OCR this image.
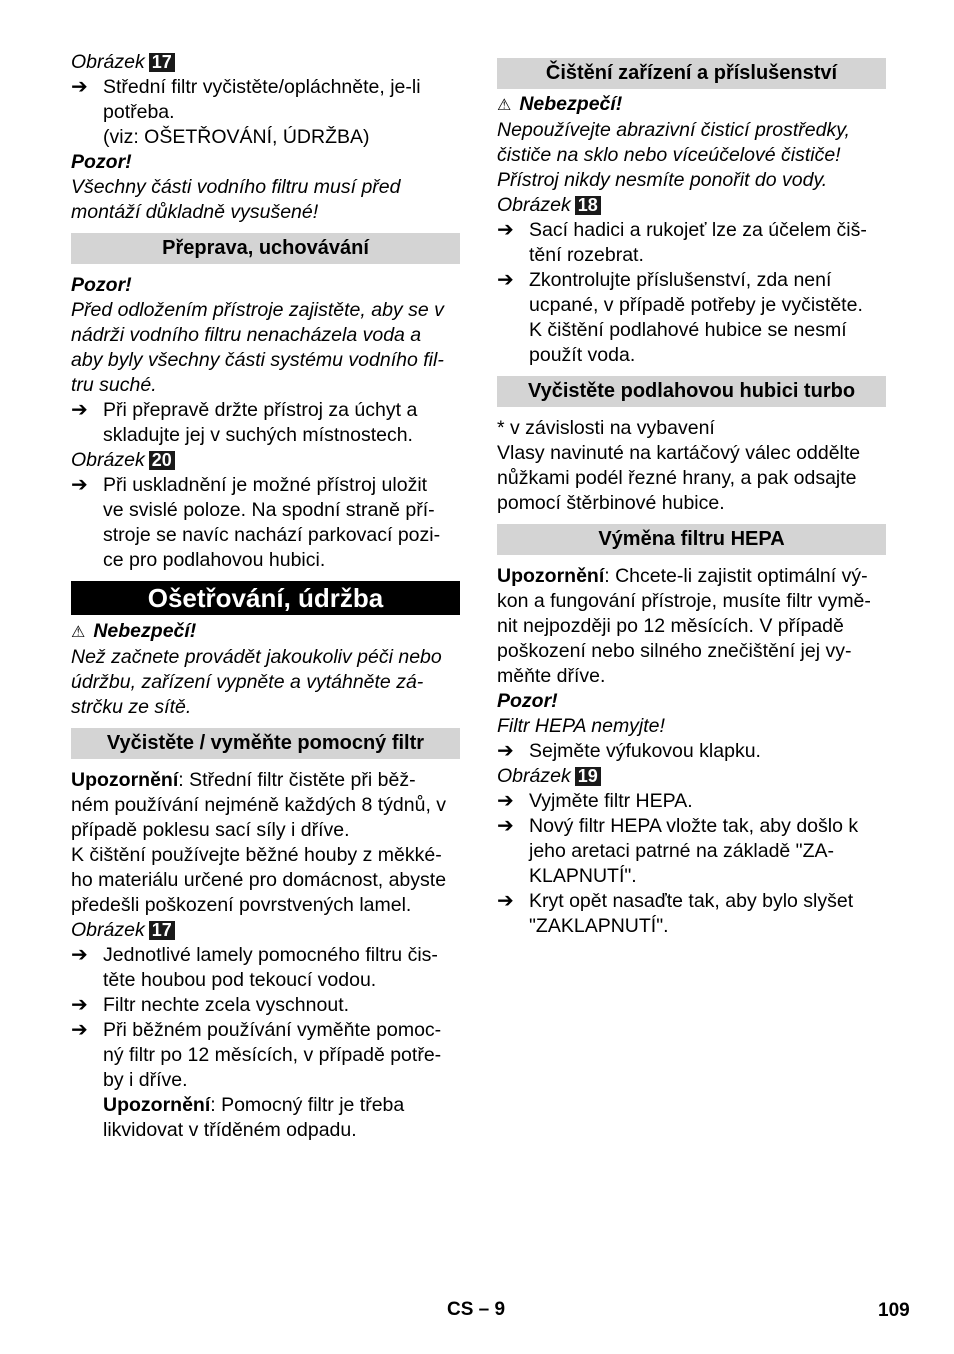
Obrázek 17

➔ Střední filtr vyčistěte/opláchněte, je-li

potřeba.

(viz: OŠETŘOVÁNÍ, ÚDRŽBA)

Pozor!

Všechny části vodního filtru musí před

montáží důkladně vysušené!

Přeprava, uchovávání

Pozor!

Před odložením přístroje zajistěte, aby se v

nádrži vodního filtru nenacházela voda a

aby byly všechny části systému vodního fil-

tru suché.

➔ Při přepravě držte přístroj za úchyt a

skladujte jej v suchých místnostech.

Obrázek 20

➔ Při uskladnění je možné přístroj uložit

ve svislé poloze. Na spodní straně pří-

stroje se navíc nachází parkovací pozi-

ce pro podlahovou hubici.

Ošetřování, údržba

⚠ Nebezpečí!

Než začnete provádět jakoukoliv péči nebo

údržbu, zařízení vypněte a vytáhněte zá-

strčku ze sítě.

Vyčistěte / vyměňte pomocný filtr

Upozornění: Střední filtr čistěte při běž-

ném používání nejméně každých 8 týdnů, v

případě poklesu sací síly i dříve.

K čištění používejte běžné houby z měkké-

ho materiálu určené pro domácnost, abyste

předešli poškození povrstvených lamel.

Obrázek 17

➔ Jednotlivé lamely pomocného filtru čis-

těte houbou pod tekoucí vodou.

➔ Filtr nechte zcela vyschnout.

➔ Při běžném používání vyměňte pomoc-

ný filtr po 12 měsících, v případě potře-

by i dříve.

Upozornění: Pomocný filtr je třeba

likvidovat v tříděném odpadu.

Čištění zařízení a příslušenství

⚠ Nebezpečí!

Nepoužívejte abrazivní čisticí prostředky,

čističe na sklo nebo víceúčelové čističe!

Přístroj nikdy nesmíte ponořit do vody.

Obrázek 18

➔ Sací hadici a rukojeť lze za účelem čiš-

tění rozebrat.

➔ Zkontrolujte příslušenství, zda není

ucpané, v případě potřeby je vyčistěte.

K čištění podlahové hubice se nesmí

použít voda.

Vyčistěte podlahovou hubici turbo

* v závislosti na vybavení

Vlasy navinuté na kartáčový válec oddělte

nůžkami podél řezné hrany, a pak odsajte

pomocí štěrbinové hubice.

Výměna filtru HEPA

Upozornění: Chcete-li zajistit optimální vý-

kon a fungování přístroje, musíte filtr vymě-

nit nejpozději po 12 měsících. V případě

poškození nebo silného znečištění jej vy-

měňte dříve.

Pozor!

Filtr HEPA nemyjte!

➔ Sejměte výfukovou klapku.

Obrázek 19

➔ Vyjměte filtr HEPA.

➔ Nový filtr HEPA vložte tak, aby došlo k

jeho aretaci patrné na základě "ZA-

KLAPNUTÍ".

➔ Kryt opět nasaďte tak, aby bylo slyšet

"ZAKLAPNUTÍ".

CS – 9	109
